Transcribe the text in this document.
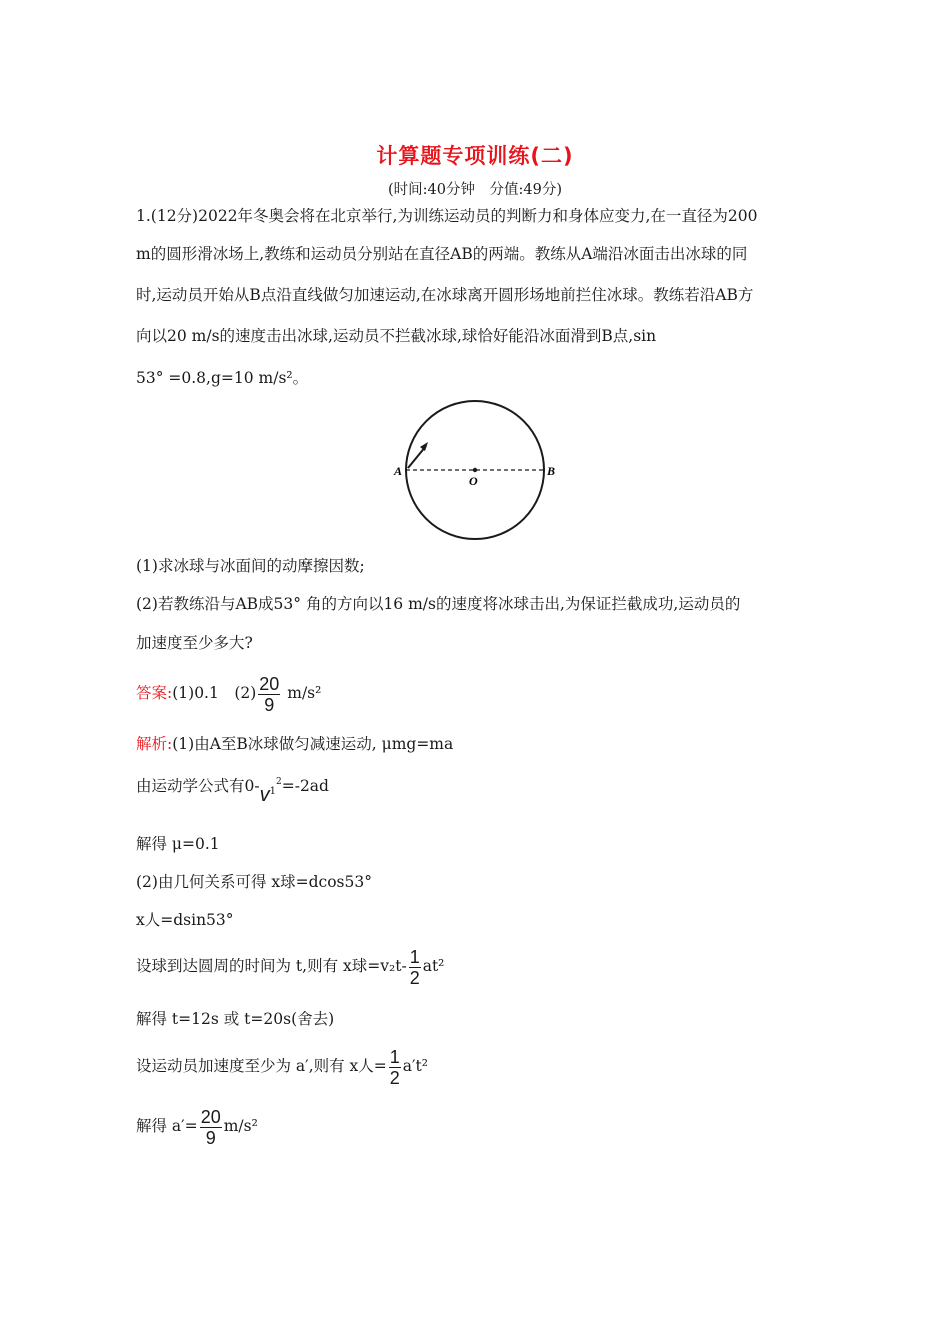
计算题专项训练(二)
(时间:40分钟　分值:49分)
1.(12分)2022年冬奥会将在北京举行,为训练运动员的判断力和身体应变力,在一直径为200
m的圆形滑冰场上,教练和运动员分别站在直径AB的两端。教练从A端沿冰面击出冰球的同
时,运动员开始从B点沿直线做匀加速运动,在冰球离开圆形场地前拦住冰球。教练若沿AB方
向以20 m/s的速度击出冰球,运动员不拦截冰球,球恰好能沿冰面滑到B点,sin
53° =0.8,g=10 m/s²。
A	B
O
(1)求冰球与冰面间的动摩擦因数;
(2)若教练沿与AB成53° 角的方向以16 m/s的速度将冰球击出,为保证拦截成功,运动员的
加速度至少多大?
答案:(1)0.1　$(2) \frac{20}{9} m/s^2$
解析:(1)由A至B冰球做匀减速运动, μmg=ma
由运动学公式有$0-v_1^2=-2ad$
解得 μ=0.1
(2)由几何关系可得 x球=dcos53°
x人=dsin53°
设球到达圆周的时间为 t,则有 x球$=v_2t- \frac{1}{2} at^2$
解得 t=12s 或 t=20s(舍去)
设运动员加速度至少为 a′,则有 x人= $\frac{1}{2} a't^2$
解得 $a'= \frac{20}{9} m/s^2$
